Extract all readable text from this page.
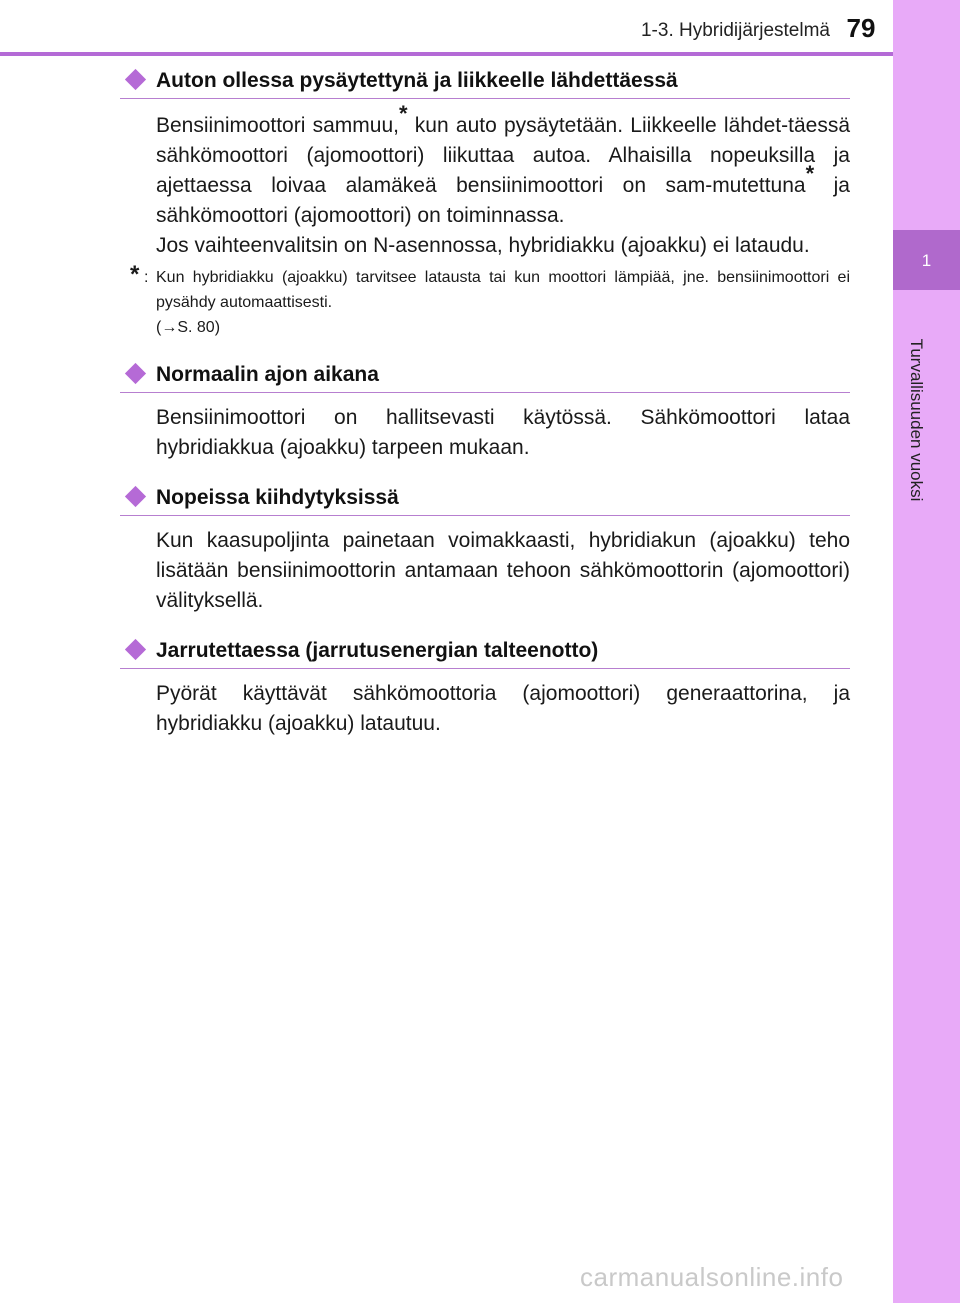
1-3. Hybridijärjestelmä 79
1
Turvallisuuden vuoksi
Auton ollessa pysäytettynä ja liikkeelle lähdettäessä

Bensiinimoottori sammuu,* kun auto pysäytetään. Liikkeelle lähdet-täessä sähkömoottori (ajomoottori) liikuttaa autoa. Alhaisilla nopeuksilla ja ajettaessa loivaa alamäkeä bensiinimoottori on sam-mutettuna* ja sähkömoottori (ajomoottori) on toiminnassa.

Jos vaihteenvalitsin on N-asennossa, hybridiakku (ajoakku) ei lataudu.

* : Kun hybridiakku (ajoakku) tarvitsee latausta tai kun moottori lämpiää, jne. bensiinimoottori ei pysähdy automaattisesti.
(→S. 80)
Normaalin ajon aikana

Bensiinimoottori on hallitsevasti käytössä. Sähkömoottori lataa hybridiakkua (ajoakku) tarpeen mukaan.

Nopeissa kiihdytyksissä

Kun kaasupoljinta painetaan voimakkaasti, hybridiakun (ajoakku) teho lisätään bensiinimoottorin antamaan tehoon sähkömoottorin (ajomoottori) välityksellä.

Jarrutettaessa (jarrutusenergian talteenotto)

Pyörät käyttävät sähkömoottoria (ajomoottori) generaattorina, ja hybridiakku (ajoakku) latautuu.

carmanualsonline.info
